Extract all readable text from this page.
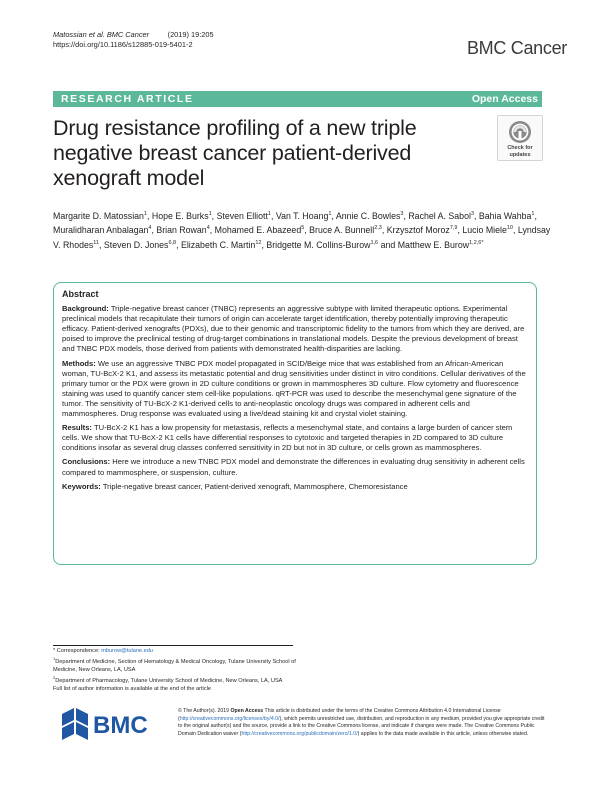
Matossian et al. BMC Cancer (2019) 19:205
https://doi.org/10.1186/s12885-019-5401-2	BMC Cancer
RESEARCH ARTICLE	Open Access
Drug resistance profiling of a new triple negative breast cancer patient-derived xenograft model
Check for
updates
Margarite D. Matossian$^1$, Hope E. Burks$^1$, Steven Elliott$^1$, Van T. Hoang$^1$, Annie C. Bowles$^3$, Rachel A. Sabol$^3$, Bahia Wahba$^1$, Muralidharan Anbalagan$^4$, Brian Rowan$^4$, Mohamed E. Abazeed$^5$, Bruce A. Bunnell$^{2,3}$, Krzysztof Moroz$^{7,9}$, Lucio Miele$^{10}$, Lyndsay V. Rhodes$^{11}$, Steven D. Jones$^{6,8}$, Elizabeth C. Martin$^{12}$, Bridgette M. Collins-Burow$^{1,6}$ and Matthew E. Burow$^{1,2,6*}$
Abstract

Background: Triple-negative breast cancer (TNBC) represents an aggressive subtype with limited therapeutic options. Experimental preclinical models that recapitulate their tumors of origin can accelerate target identification, thereby potentially improving therapeutic efficacy. Patient-derived xenografts (PDXs), due to their genomic and transcriptomic fidelity to the tumors from which they are derived, are poised to improve the preclinical testing of drug-target combinations in translational models. Despite the previous development of breast and TNBC PDX models, those derived from patients with demonstrated health-disparities are lacking.

Methods: We use an aggressive TNBC PDX model propagated in SCID/Beige mice that was established from an African-American woman, TU-BcX-2 K1, and assess its metastatic potential and drug sensitivities under distinct in vitro conditions. Cellular derivatives of the primary tumor or the PDX were grown in 2D culture conditions or grown in mammospheres 3D culture. Flow cytometry and fluorescence staining was used to quantify cancer stem cell-like populations. qRT-PCR was used to describe the mesenchymal gene signature of the tumor. The sensitivity of TU-BcX-2 K1-derived cells to anti-neoplastic oncology drugs was compared in adherent cells and mammospheres. Drug response was evaluated using a live/dead staining kit and crystal violet staining.

Results: TU-BcX-2 K1 has a low propensity for metastasis, reflects a mesenchymal state, and contains a large burden of cancer stem cells. We show that TU-BcX-2 K1 cells have differential responses to cytotoxic and targeted therapies in 2D compared to 3D culture conditions insofar as several drug classes conferred sensitivity in 2D but not in 3D culture, or cells grown as mammospheres.

Conclusions: Here we introduce a new TNBC PDX model and demonstrate the differences in evaluating drug sensitivity in adherent cells compared to mammosphere, or suspension, culture.

Keywords: Triple-negative breast cancer, Patient-derived xenograft, Mammosphere, Chemoresistance

* Correspondence: mburow@tulane.edu
$^1$Department of Medicine, Section of Hematology & Medical Oncology, Tulane University School of Medicine, New Orleans, LA, USA
$^2$Department of Pharmacology, Tulane University School of Medicine, New Orleans, LA, USA
Full list of author information is available at the end of the article
BMC
© The Author(s). 2019 Open Access This article is distributed under the terms of the Creative Commons Attribution 4.0 International License (http://creativecommons.org/licenses/by/4.0/), which permits unrestricted use, distribution, and reproduction in any medium, provided you give appropriate credit to the original author(s) and the source, provide a link to the Creative Commons license, and indicate if changes were made. The Creative Commons Public Domain Dedication waiver (http://creativecommons.org/publicdomain/zero/1.0/) applies to the data made available in this article, unless otherwise stated.
